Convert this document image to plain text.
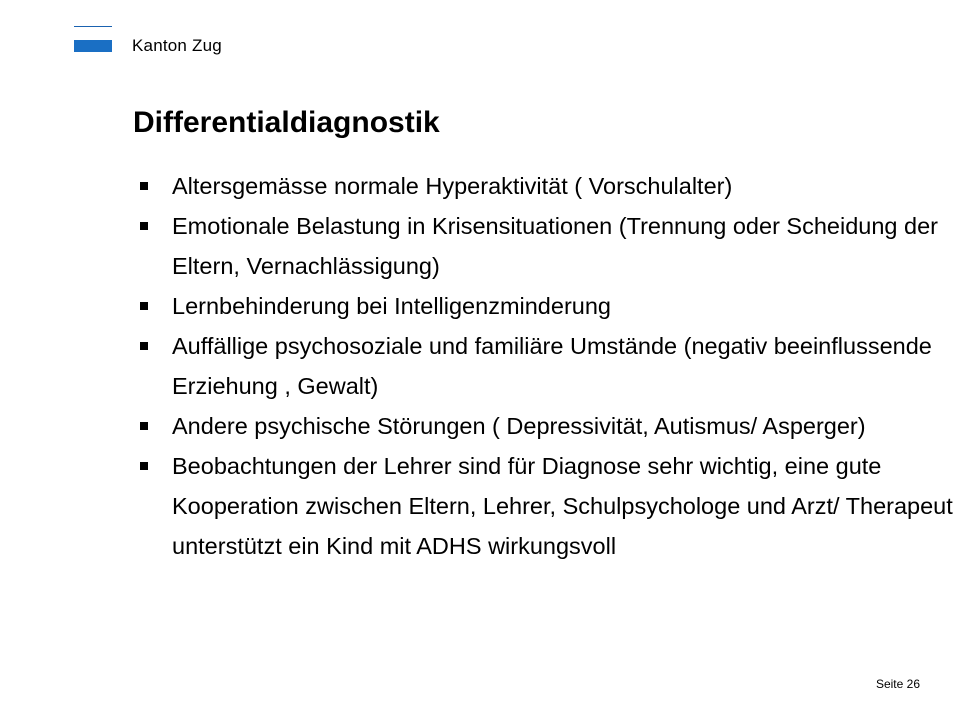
Kanton Zug
Differentialdiagnostik
Altersgemässe normale Hyperaktivität ( Vorschulalter)
Emotionale Belastung in Krisensituationen (Trennung oder Scheidung der Eltern, Vernachlässigung)
Lernbehinderung bei Intelligenzminderung
Auffällige psychosoziale und familiäre Umstände (negativ beeinflussende Erziehung , Gewalt)
Andere psychische Störungen ( Depressivität, Autismus/ Asperger)
Beobachtungen der Lehrer sind für Diagnose sehr wichtig, eine gute Kooperation zwischen Eltern, Lehrer, Schulpsychologe und Arzt/ Therapeut unterstützt ein Kind mit ADHS wirkungsvoll
Seite 26
